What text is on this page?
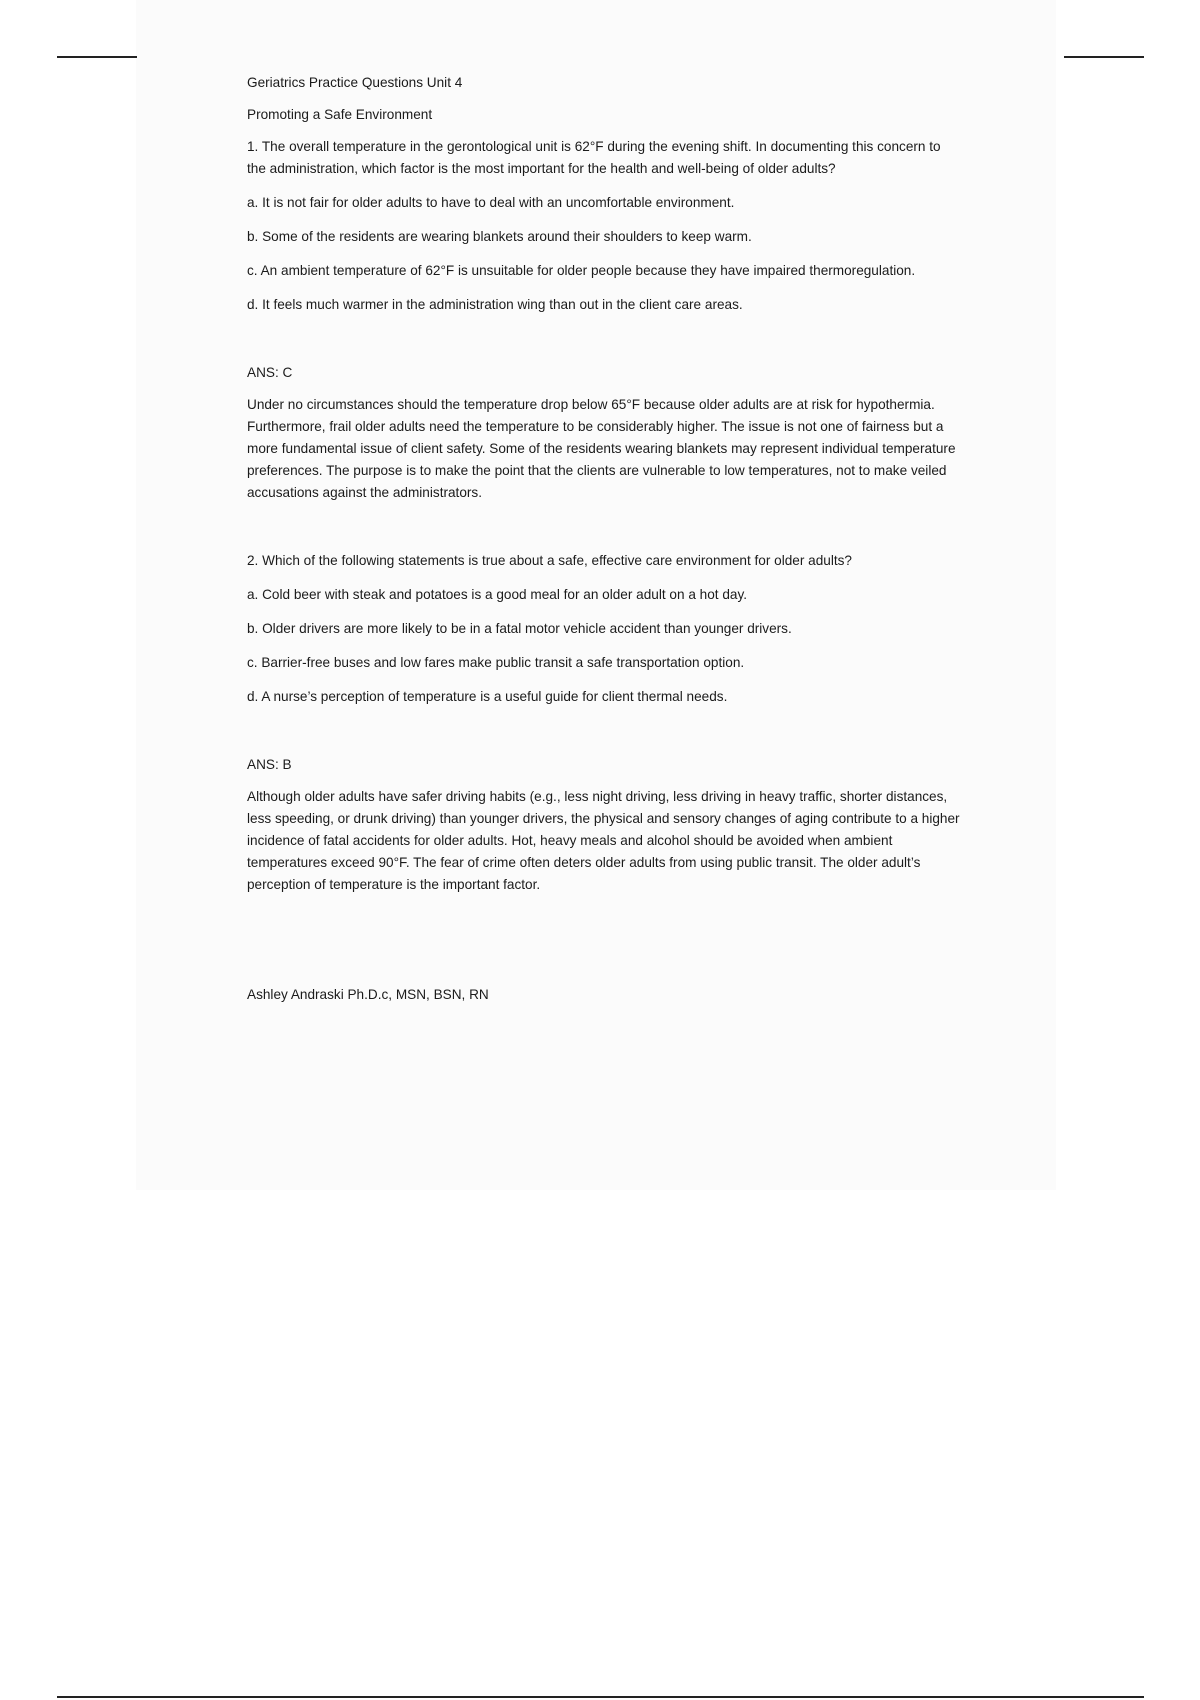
Geriatrics Practice Questions Unit 4

Promoting a Safe Environment

1. The overall temperature in the gerontological unit is 62°F during the evening shift. In documenting this concern to the administration, which factor is the most important for the health and well-being of older adults?

a. It is not fair for older adults to have to deal with an uncomfortable environment.

b. Some of the residents are wearing blankets around their shoulders to keep warm.

c. An ambient temperature of 62°F is unsuitable for older people because they have impaired thermoregulation.

d. It feels much warmer in the administration wing than out in the client care areas.

ANS: C

Under no circumstances should the temperature drop below 65°F because older adults are at risk for hypothermia. Furthermore, frail older adults need the temperature to be considerably higher. The issue is not one of fairness but a more fundamental issue of client safety. Some of the residents wearing blankets may represent individual temperature preferences. The purpose is to make the point that the clients are vulnerable to low temperatures, not to make veiled accusations against the administrators.

2. Which of the following statements is true about a safe, effective care environment for older adults?

a. Cold beer with steak and potatoes is a good meal for an older adult on a hot day.

b. Older drivers are more likely to be in a fatal motor vehicle accident than younger drivers.

c. Barrier-free buses and low fares make public transit a safe transportation option.

d. A nurse’s perception of temperature is a useful guide for client thermal needs.

ANS: B

Although older adults have safer driving habits (e.g., less night driving, less driving in heavy traffic, shorter distances, less speeding, or drunk driving) than younger drivers, the physical and sensory changes of aging contribute to a higher incidence of fatal accidents for older adults. Hot, heavy meals and alcohol should be avoided when ambient temperatures exceed 90°F. The fear of crime often deters older adults from using public transit. The older adult’s perception of temperature is the important factor.

Ashley Andraski Ph.D.c, MSN, BSN, RN
